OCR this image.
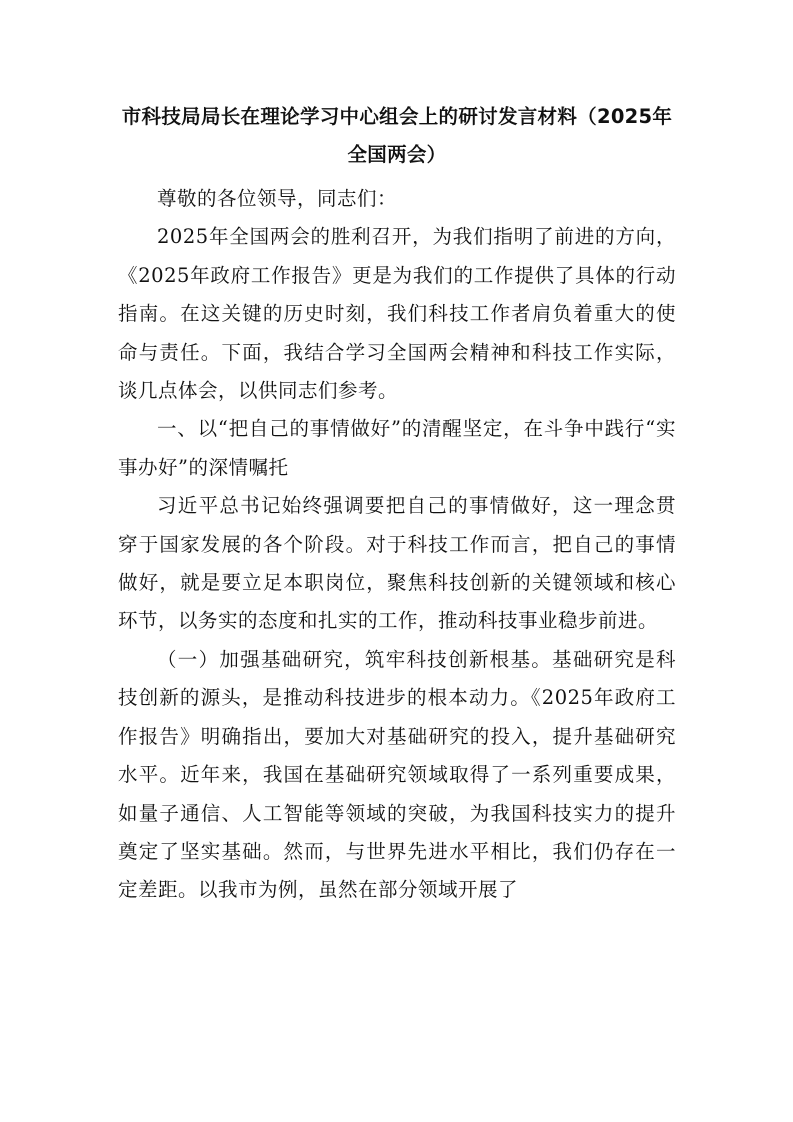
市科技局局长在理论学习中心组会上的研讨发言材料（2025年全国两会）

尊敬的各位领导，同志们：

2025年全国两会的胜利召开，为我们指明了前进的方向，《2025年政府工作报告》更是为我们的工作提供了具体的行动指南。在这关键的历史时刻，我们科技工作者肩负着重大的使命与责任。下面，我结合学习全国两会精神和科技工作实际，谈几点体会，以供同志们参考。

一、以“把自己的事情做好”的清醒坚定，在斗争中践行“实事办好”的深情嘱托

习近平总书记始终强调要把自己的事情做好，这一理念贯穿于国家发展的各个阶段。对于科技工作而言，把自己的事情做好，就是要立足本职岗位，聚焦科技创新的关键领域和核心环节，以务实的态度和扎实的工作，推动科技事业稳步前进。

（一）加强基础研究，筑牢科技创新根基。基础研究是科技创新的源头，是推动科技进步的根本动力。《2025年政府工作报告》明确指出，要加大对基础研究的投入，提升基础研究水平。近年来，我国在基础研究领域取得了一系列重要成果，如量子通信、人工智能等领域的突破，为我国科技实力的提升奠定了坚实基础。然而，与世界先进水平相比，我们仍存在一定差距。以我市为例，虽然在部分领域开展了
